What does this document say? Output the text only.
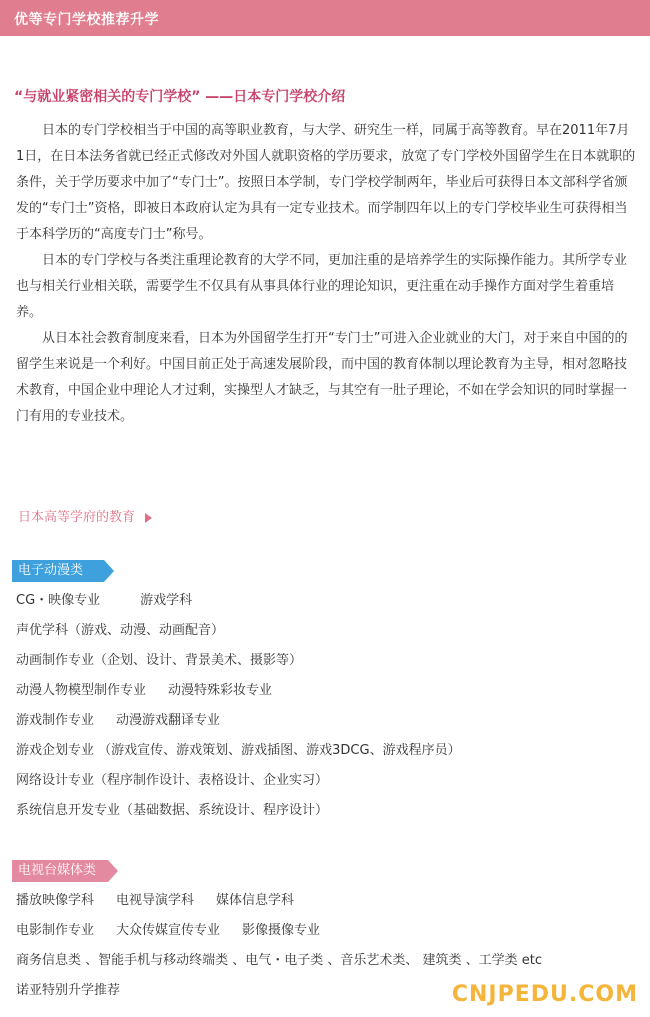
优等专门学校推荐升学
“与就业紧密相关的专门学校” ——日本专门学校介绍

日本的专门学校相当于中国的高等职业教育，与大学、研究生一样，同属于高等教育。早在2011年7月1日，在日本法务省就已经正式修改对外国人就职资格的学历要求，放宽了专门学校外国留学生在日本就职的条件，关于学历要求中加了“专门士”。按照日本学制，专门学校学制两年，毕业后可获得日本文部科学省颁发的“专门士”资格，即被日本政府认定为具有一定专业技术。而学制四年以上的专门学校毕业生可获得相当于本科学历的“高度专门士”称号。

日本的专门学校与各类注重理论教育的大学不同，更加注重的是培养学生的实际操作能力。其所学专业也与相关行业相关联，需要学生不仅具有从事具体行业的理论知识，更注重在动手操作方面对学生着重培养。

从日本社会教育制度来看，日本为外国留学生打开“专门士”可进入企业就业的大门，对于来自中国的的留学生来说是一个利好。中国目前正处于高速发展阶段，而中国的教育体制以理论教育为主导，相对忽略技术教育，中国企业中理论人才过剩，实操型人才缺乏，与其空有一肚子理论，不如在学会知识的同时掌握一门有用的专业技术。

日本高等学府的教育
电子动漫类
CG・映像专业	游戏学科
声优学科（游戏、动漫、动画配音）
动画制作专业（企划、设计、背景美术、摄影等）
动漫人物模型制作专业 动漫特殊彩妆专业
游戏制作专业 动漫游戏翻译专业
游戏企划专业 （游戏宣传、游戏策划、游戏插图、游戏3DCG、游戏程序员）
网络设计专业（程序制作设计、表格设计、企业实习）
系统信息开发专业（基础数据、系统设计、程序设计）
电视台媒体类
播放映像学科 电视导演学科 媒体信息学科
电影制作专业 大众传媒宣传专业 影像摄像专业
商务信息类 、智能手机与移动终端类 、电气・电子类 、音乐艺术类、 建筑类 、工学类 etc
诺亚特别升学推荐	CNJPEDU.COM
